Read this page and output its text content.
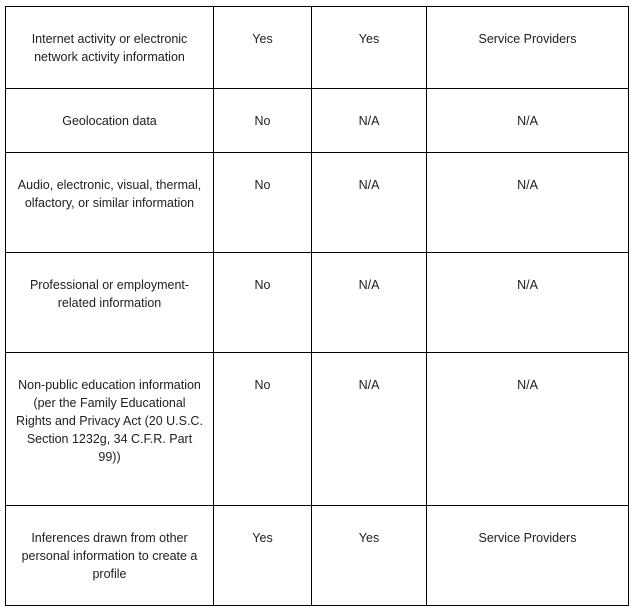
Internet activity or electronic network activity information	Yes	Yes	Service Providers
Geolocation data	No	N/A	N/A
Audio, electronic, visual, thermal, olfactory, or similar information	No	N/A	N/A
Professional or employment-related information	No	N/A	N/A
Non-public education information (per the Family Educational Rights and Privacy Act (20 U.S.C. Section 1232g, 34 C.F.R. Part 99))	No	N/A	N/A
Inferences drawn from other personal information to create a profile	Yes	Yes	Service Providers
